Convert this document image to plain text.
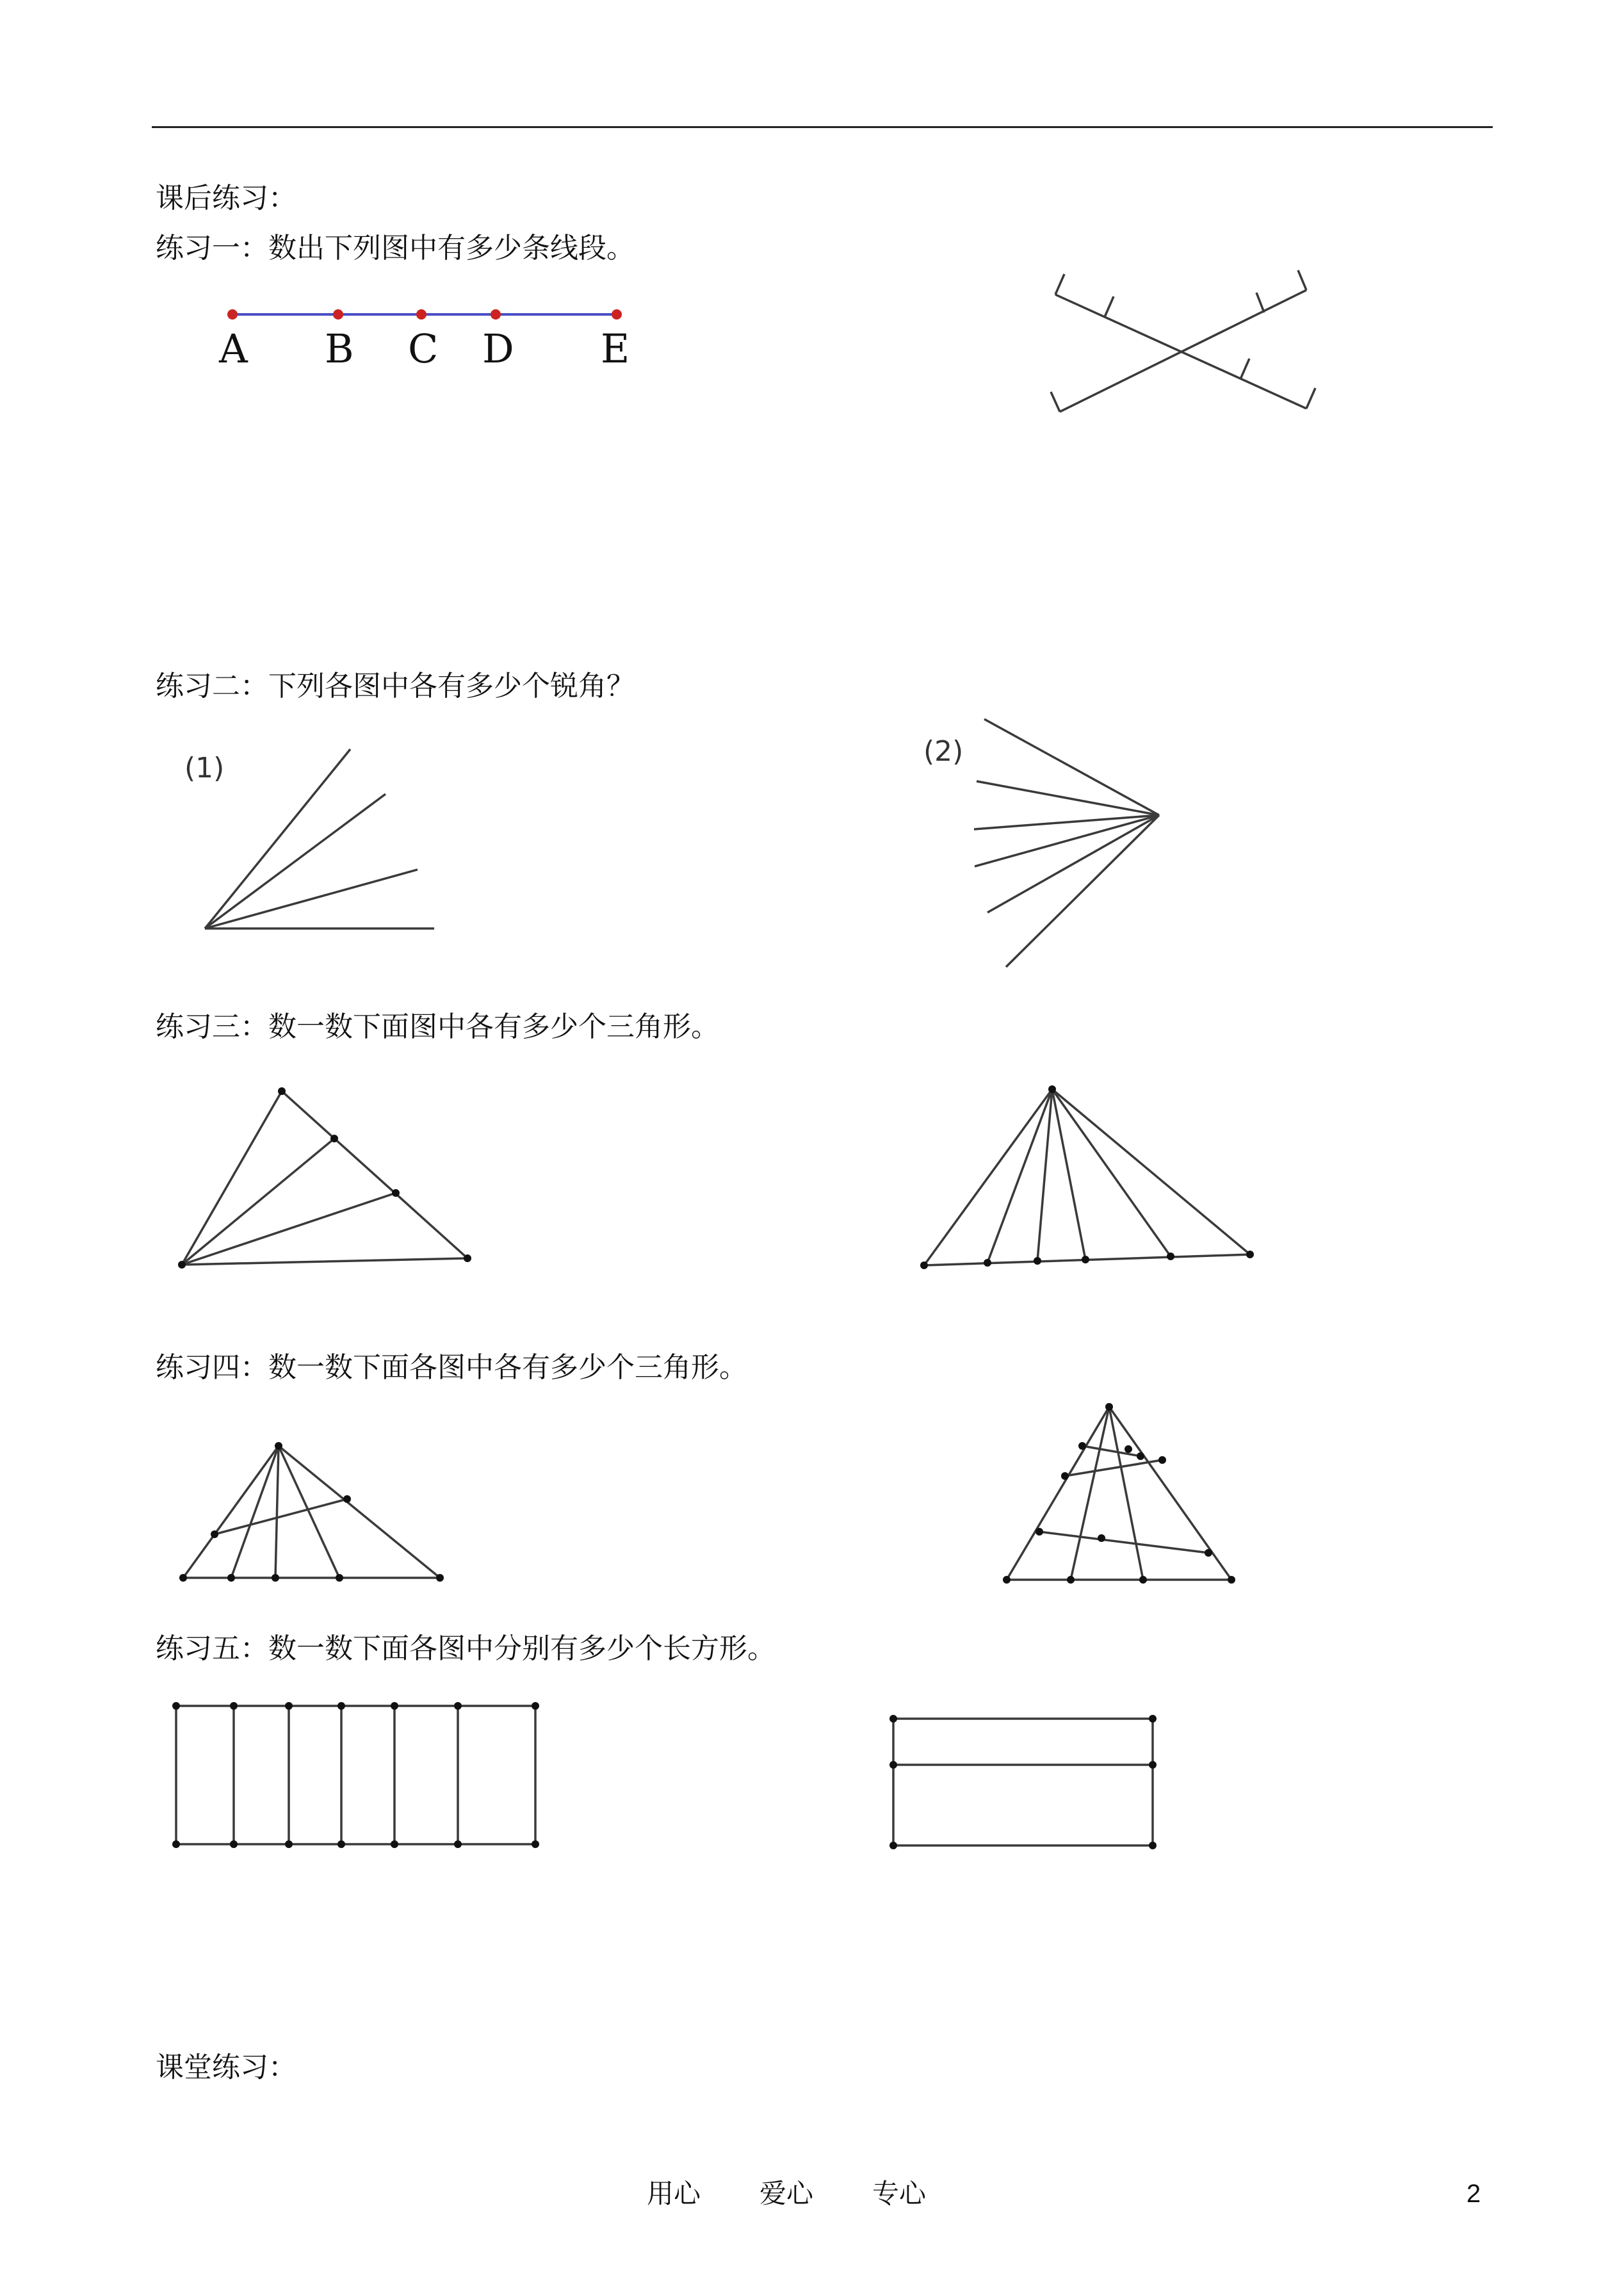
课后练习：

练习一：数出下列图中有多少条线段。

A B C D E

练习二：下列各图中各有多少个锐角？

(1)
(2)

练习三：数一数下面图中各有多少个三角形。

练习四：数一数下面各图中各有多少个三角形。

练习五：数一数下面各图中分别有多少个长方形。

课堂练习：

用心 爱心 专心	2
